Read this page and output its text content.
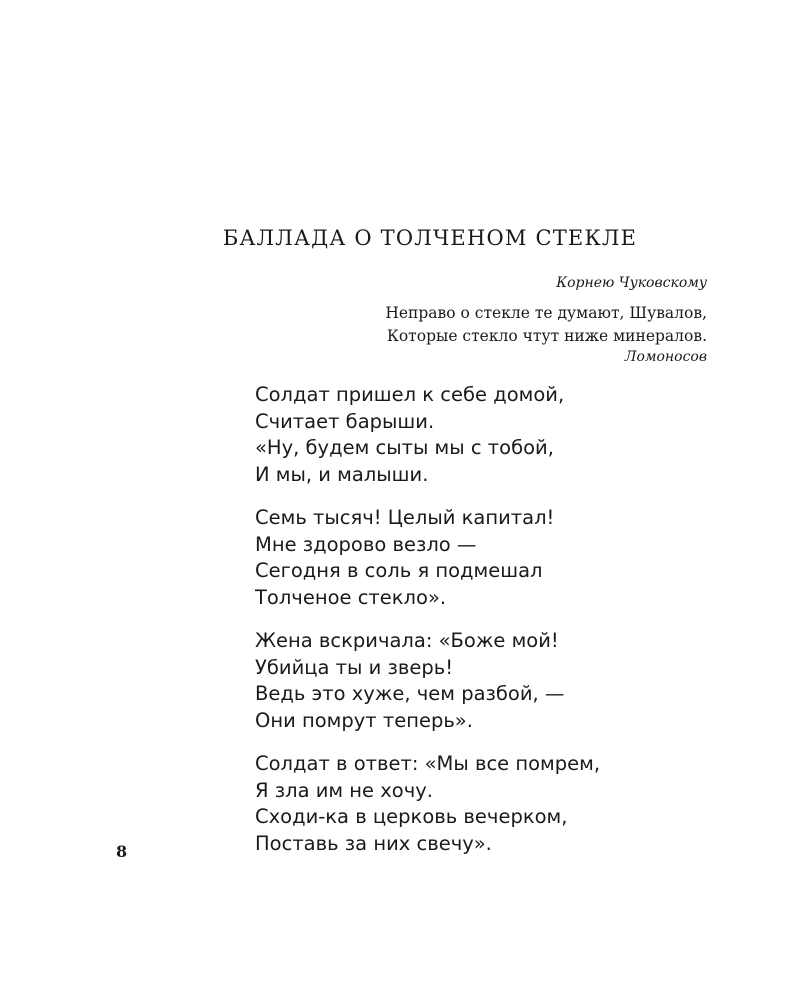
БАЛЛАДА О ТОЛЧЕНОМ СТЕКЛЕ
Корнею Чуковскому
Неправо о стекле те думают, Шувалов,
Которые стекло чтут ниже минералов.
Ломоносов
Солдат пришел к себе домой,
Считает барыши.
«Ну, будем сыты мы с тобой,
И мы, и малыши.
Семь тысяч! Целый капитал!
Мне здорово везло —
Сегодня в соль я подмешал
Толченое стекло».
Жена вскричала: «Боже мой!
Убийца ты и зверь!
Ведь это хуже, чем разбой, —
Они помрут теперь».
Солдат в ответ: «Мы все помрем,
Я зла им не хочу.
Сходи-ка в церковь вечерком,
Поставь за них свечу».
8
